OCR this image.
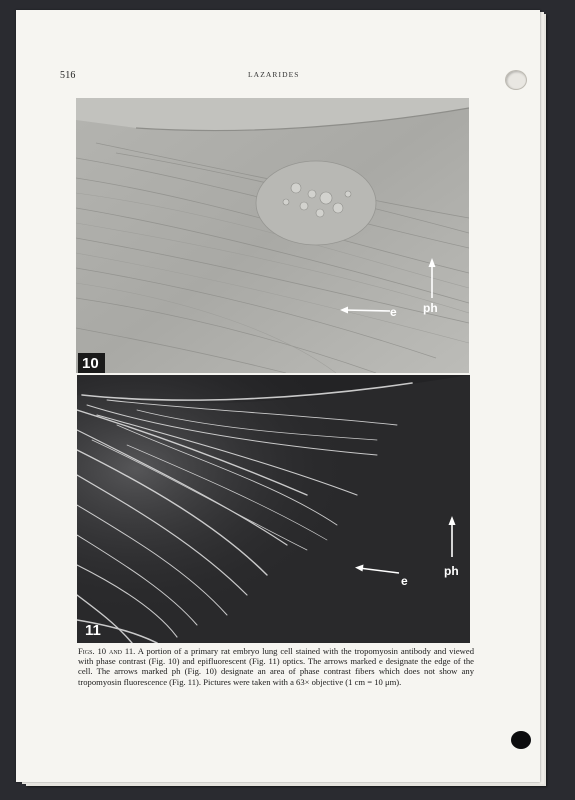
516	LAZARIDES
e ph
10
e
ph
11
Figs. 10 and 11. A portion of a primary rat embryo lung cell stained with the tropomyosin antibody and viewed with phase contrast (Fig. 10) and epifluorescent (Fig. 11) optics. The arrows marked e designate the edge of the cell. The arrows marked ph (Fig. 10) designate an area of phase contrast fibers which does not show any tropomyosin fluorescence (Fig. 11). Pictures were taken with a 63× objective (1 cm = 10 μm).
